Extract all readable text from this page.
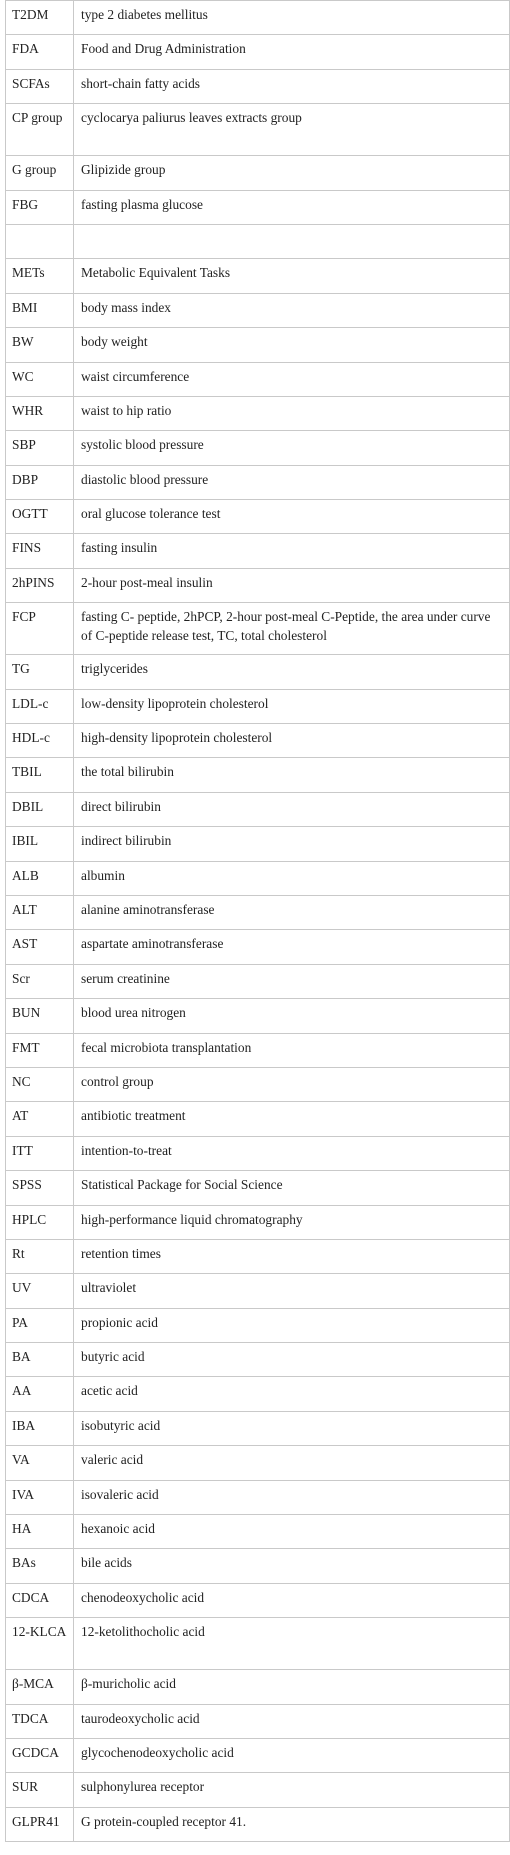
T2DM	type 2 diabetes mellitus
FDA	Food and Drug Administration
SCFAs	short-chain fatty acids
CP group	cyclocarya paliurus leaves extracts group
G group	Glipizide group
FBG	fasting plasma glucose

METs	Metabolic Equivalent Tasks
BMI	body mass index
BW	body weight
WC	waist circumference
WHR	waist to hip ratio
SBP	systolic blood pressure
DBP	diastolic blood pressure
OGTT	oral glucose tolerance test
FINS	fasting insulin
2hPINS	2-hour post-meal insulin
FCP	fasting C- peptide, 2hPCP, 2-hour post-meal C-Peptide, the area under curve of C-peptide release test, TC, total cholesterol
TG	triglycerides
LDL-c	low-density lipoprotein cholesterol
HDL-c	high-density lipoprotein cholesterol
TBIL	the total bilirubin
DBIL	direct bilirubin
IBIL	indirect bilirubin
ALB	albumin
ALT	alanine aminotransferase
AST	aspartate aminotransferase
Scr	serum creatinine
BUN	blood urea nitrogen
FMT	fecal microbiota transplantation
NC	control group
AT	antibiotic treatment
ITT	intention-to-treat
SPSS	Statistical Package for Social Science
HPLC	high-performance liquid chromatography
Rt	retention times
UV	ultraviolet
PA	propionic acid
BA	butyric acid
AA	acetic acid
IBA	isobutyric acid
VA	valeric acid
IVA	isovaleric acid
HA	hexanoic acid
BAs	bile acids
CDCA	chenodeoxycholic acid
12-KLCA	12-ketolithocholic acid
β-MCA	β-muricholic acid
TDCA	taurodeoxycholic acid
GCDCA	glycochenodeoxycholic acid
SUR	sulphonylurea receptor
GLPR41	G protein-coupled receptor 41.
